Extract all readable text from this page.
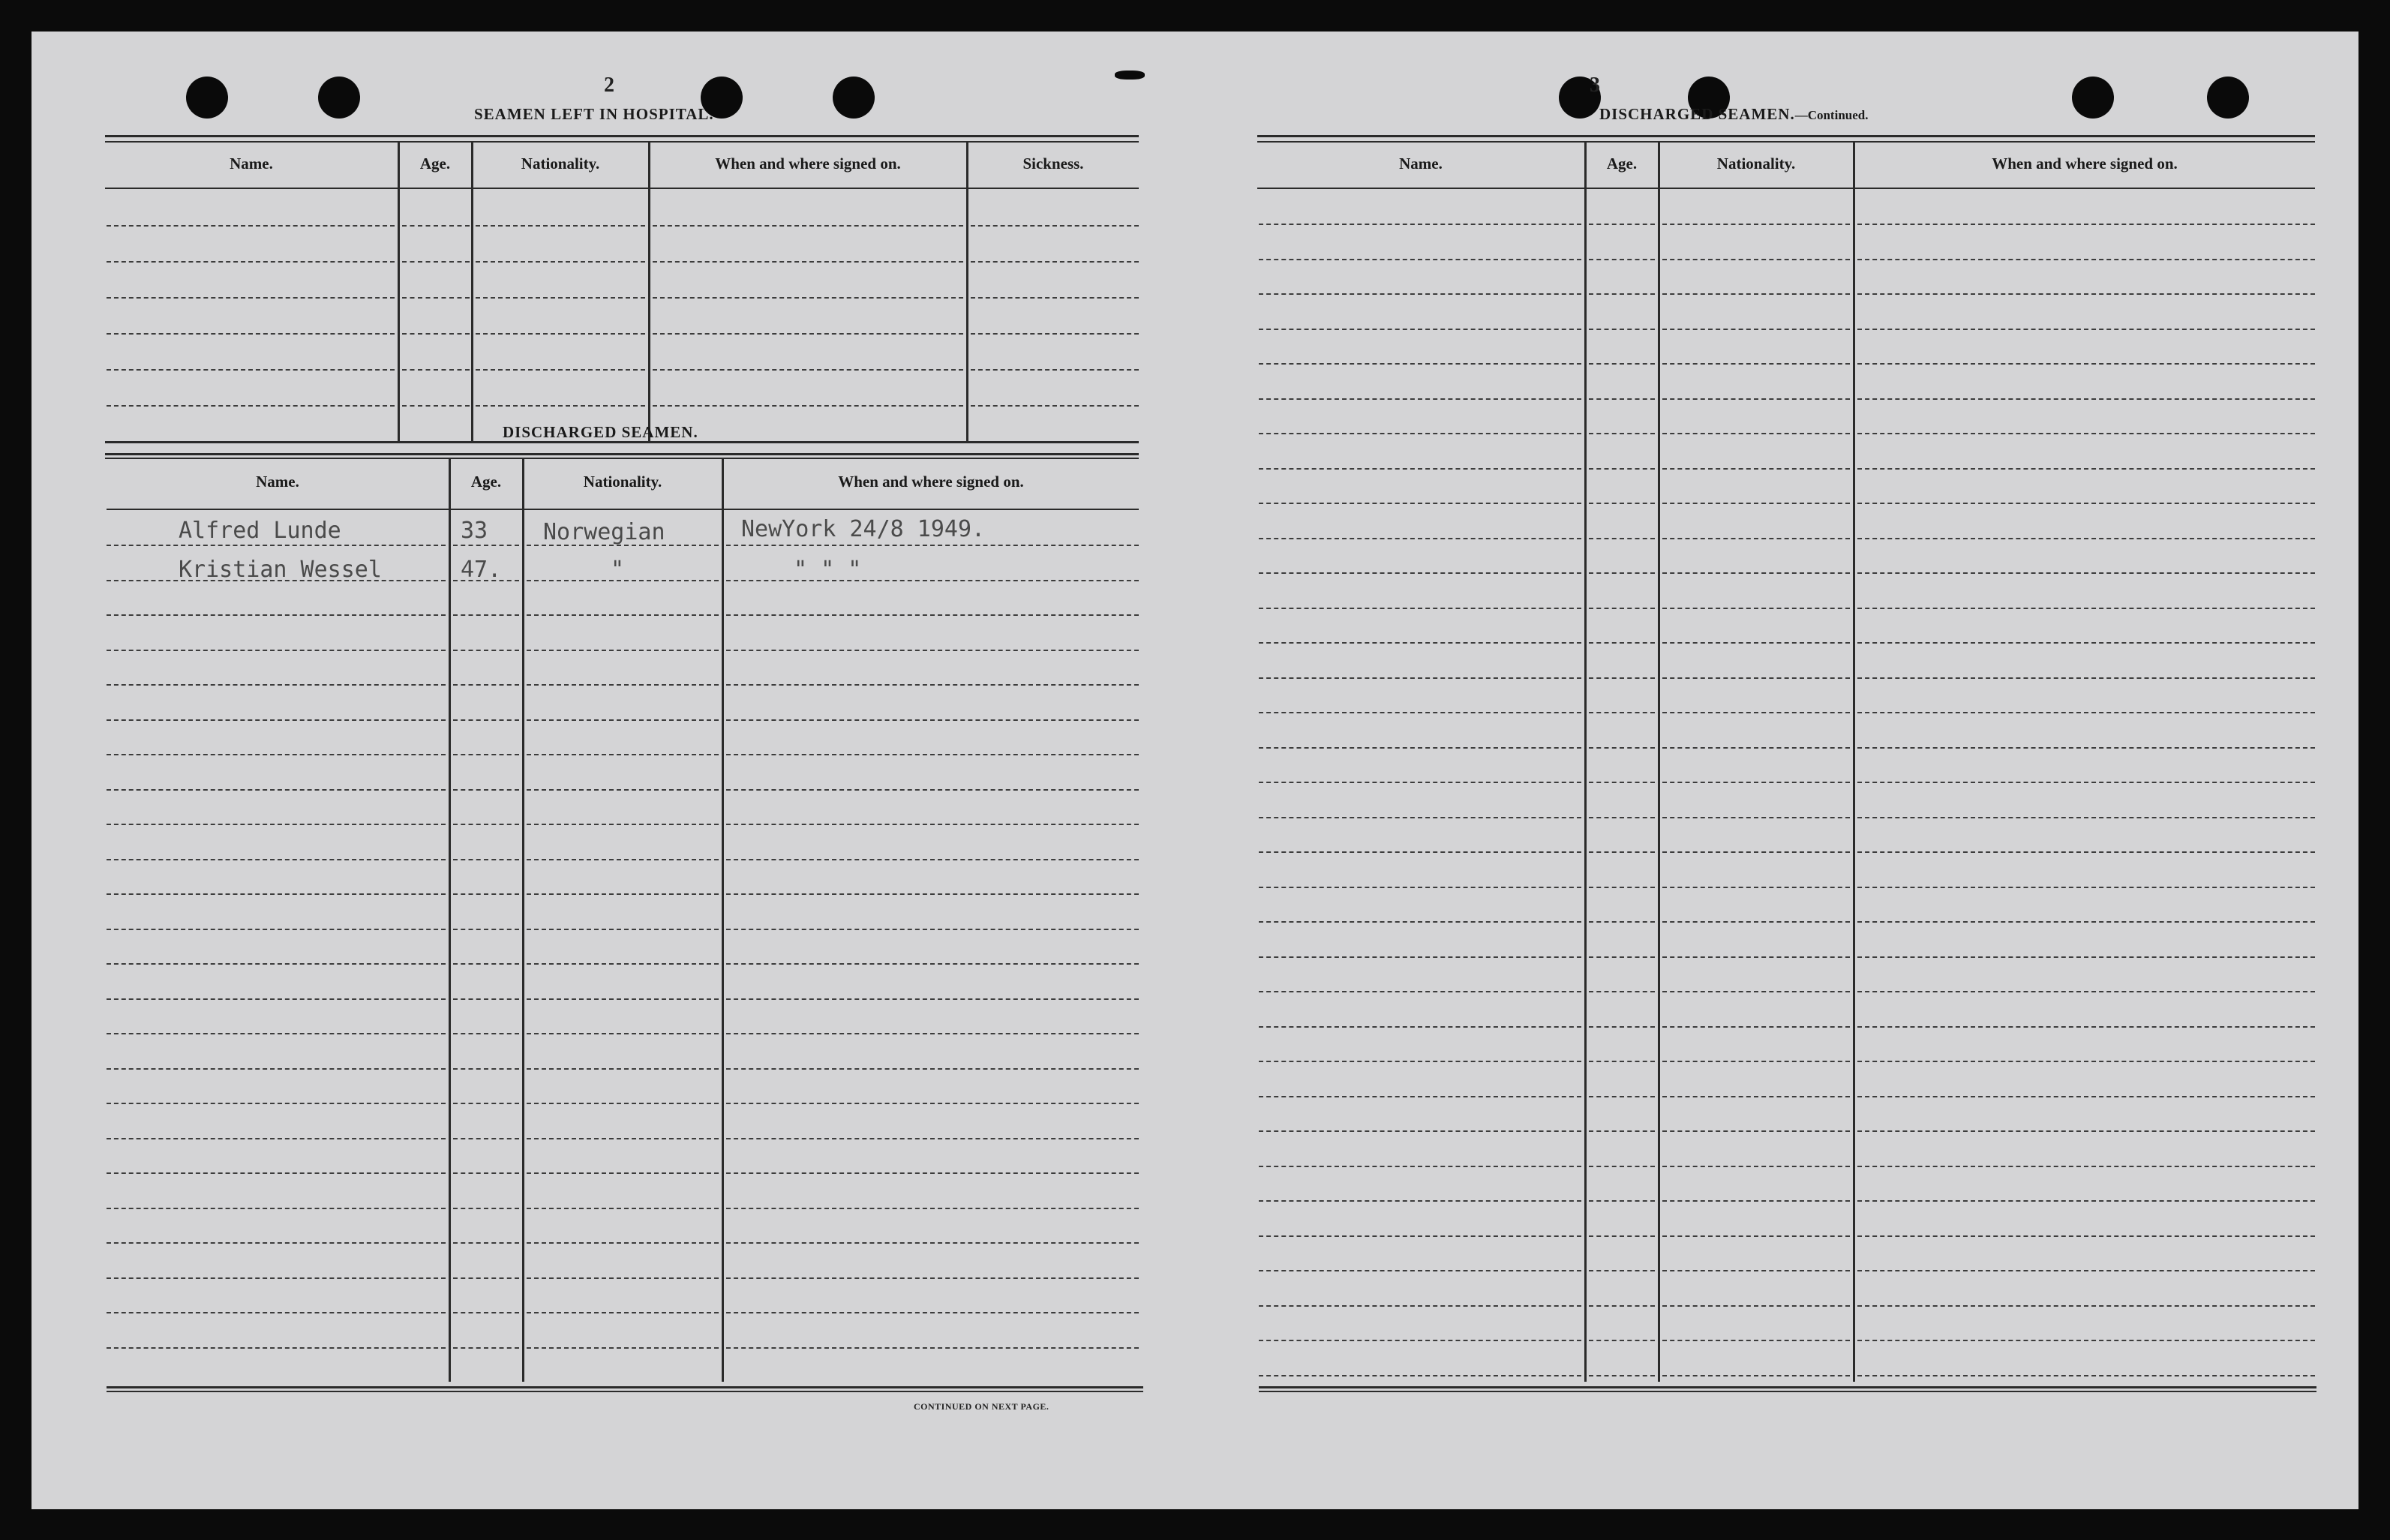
2
SEAMEN LEFT IN HOSPITAL.
Name.	Age.	Nationality.	When and where signed on.	Sickness.
DISCHARGED SEAMEN.
Name.	Age.	Nationality.	When and where signed on.
Alfred Lunde	33 Norwegian	NewYork 24/8 1949.
Kristian Wessel	47.	"	" " "
CONTINUED ON NEXT PAGE.
3
DISCHARGED SEAMEN.—Continued.
Name.	Age.	Nationality.	When and where signed on.
